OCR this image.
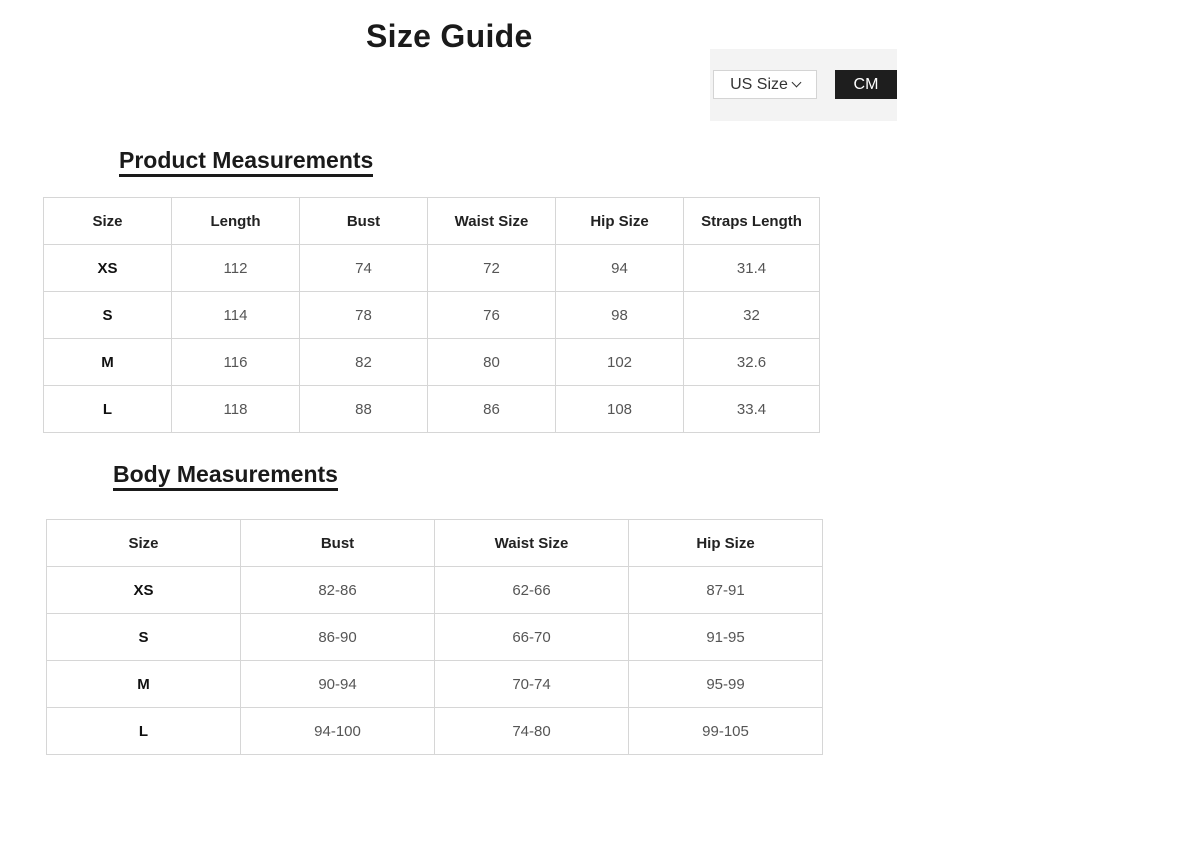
Size Guide
US Size	CM
Product Measurements
Size	Length	Bust	Waist Size	Hip Size	Straps Length
XS	112	74	72	94	31.4
S	114	78	76	98	32
M	116	82	80	102	32.6
L	118	88	86	108	33.4
Body Measurements
Size	Bust	Waist Size	Hip Size
XS	82-86	62-66	87-91
S	86-90	66-70	91-95
M	90-94	70-74	95-99
L	94-100	74-80	99-105
